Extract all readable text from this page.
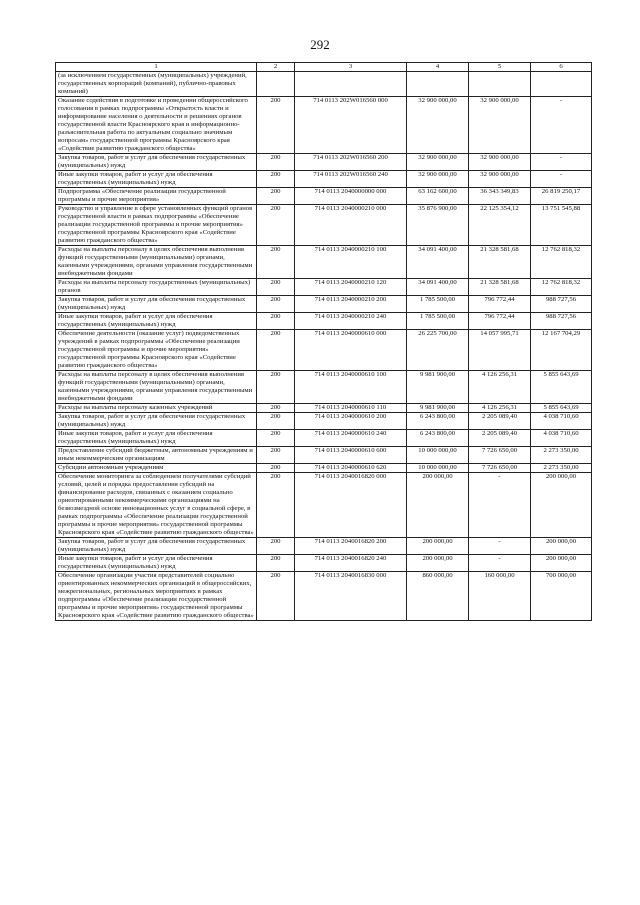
292
1	2	3	4	5	6
(за исключением государственных (муниципальных) учреждений, государственных корпораций (компаний), публично-правовых компаний)					
Оказание содействия в подготовке и проведении общероссийского голосования в рамках подпрограммы «Открытость власти и информирование населения о деятельности и решениях органов государственной власти Красноярского края и информационно-разъяснительная работа по актуальным социально значимым вопросам» государственной программы Красноярского края «Содействие развитию гражданского общества»	200	714 0113 202W016560 000	32 900 000,00	32 900 000,00	-
Закупка товаров, работ и услуг для обеспечения государственных (муниципальных) нужд	200	714 0113 202W016560 200	32 900 000,00	32 900 000,00	-
Иные закупки товаров, работ и услуг для обеспечения государственных (муниципальных) нужд	200	714 0113 202W016560 240	32 900 000,00	32 900 000,00	-
Подпрограмма «Обеспечение реализации государственной программы и прочие мероприятия»	200	714 0113 2040000000 000	63 162 600,00	36 343 349,83	26 819 250,17
Руководство и управление в сфере установленных функций органов государственной власти в рамках подпрограммы «Обеспечение реализации государственной программы и прочие мероприятия» государственной программы Красноярского края «Содействие развитию гражданского общества»	200	714 0113 2040000210 000	35 876 900,00	22 125 354,12	13 751 545,88
Расходы на выплаты персоналу в целях обеспечения выполнения функций государственными (муниципальными) органами, казенными учреждениями, органами управления государственными внебюджетными фондами	200	714 0113 2040000210 100	34 091 400,00	21 328 581,68	12 762 818,32
Расходы на выплаты персоналу государственных (муниципальных) органов	200	714 0113 2040000210 120	34 091 400,00	21 328 581,68	12 762 818,32
Закупка товаров, работ и услуг для обеспечения государственных (муниципальных) нужд	200	714 0113 2040000210 200	1 785 500,00	796 772,44	988 727,56
Иные закупки товаров, работ и услуг для обеспечения государственных (муниципальных) нужд	200	714 0113 2040000210 240	1 785 500,00	796 772,44	988 727,56
Обеспечение деятельности (оказание услуг) подведомственных учреждений в рамках подпрограммы «Обеспечение реализации государственной программы и прочие мероприятия» государственной программы Красноярского края «Содействие развитию гражданского общества»	200	714 0113 2040000610 000	26 225 700,00	14 057 995,71	12 167 704,29
Расходы на выплаты персоналу в целях обеспечения выполнения функций государственными (муниципальными) органами, казенными учреждениями, органами управления государственными внебюджетными фондами	200	714 0113 2040000610 100	9 981 900,00	4 126 256,31	5 855 643,69
Расходы на выплаты персоналу казенных учреждений	200	714 0113 2040000610 110	9 981 900,00	4 126 256,31	5 855 643,69
Закупка товаров, работ и услуг для обеспечения государственных (муниципальных) нужд	200	714 0113 2040000610 200	6 243 800,00	2 205 089,40	4 038 710,60
Иные закупки товаров, работ и услуг для обеспечения государственных (муниципальных) нужд	200	714 0113 2040000610 240	6 243 800,00	2 205 089,40	4 038 710,60
Предоставление субсидий бюджетным, автономным учреждениям и иным некоммерческим организациям	200	714 0113 2040000610 600	10 000 000,00	7 726 650,00	2 273 350,00
Субсидии автономным учреждениям	200	714 0113 2040000610 620	10 000 000,00	7 726 650,00	2 273 350,00
Обеспечение мониторинга за соблюдением получателями субсидий условий, целей и порядка предоставления субсидий на финансирование расходов, связанных с оказанием социально ориентированными некоммерческими организациями на безвозмездной основе инновационных услуг в социальной сфере, в рамках подпрограммы «Обеспечение реализации государственной программы и прочие мероприятия» государственной программы Красноярского края «Содействие развитию гражданского общества»	200	714 0113 2040016820 000	200 000,00	-	200 000,00
Закупка товаров, работ и услуг для обеспечения государственных (муниципальных) нужд	200	714 0113 2040016820 200	200 000,00	-	200 000,00
Иные закупки товаров, работ и услуг для обеспечения государственных (муниципальных) нужд	200	714 0113 2040016820 240	200 000,00	-	200 000,00
Обеспечение организации участия представителей социально ориентированных некоммерческих организаций в общероссийских, межрегиональных, региональных мероприятиях в рамках подпрограммы «Обеспечение реализации государственной программы и прочие мероприятия» государственной программы Красноярского края «Содействие развитию гражданского общества»	200	714 0113 2040016830 000	860 000,00	160 000,00	700 000,00
